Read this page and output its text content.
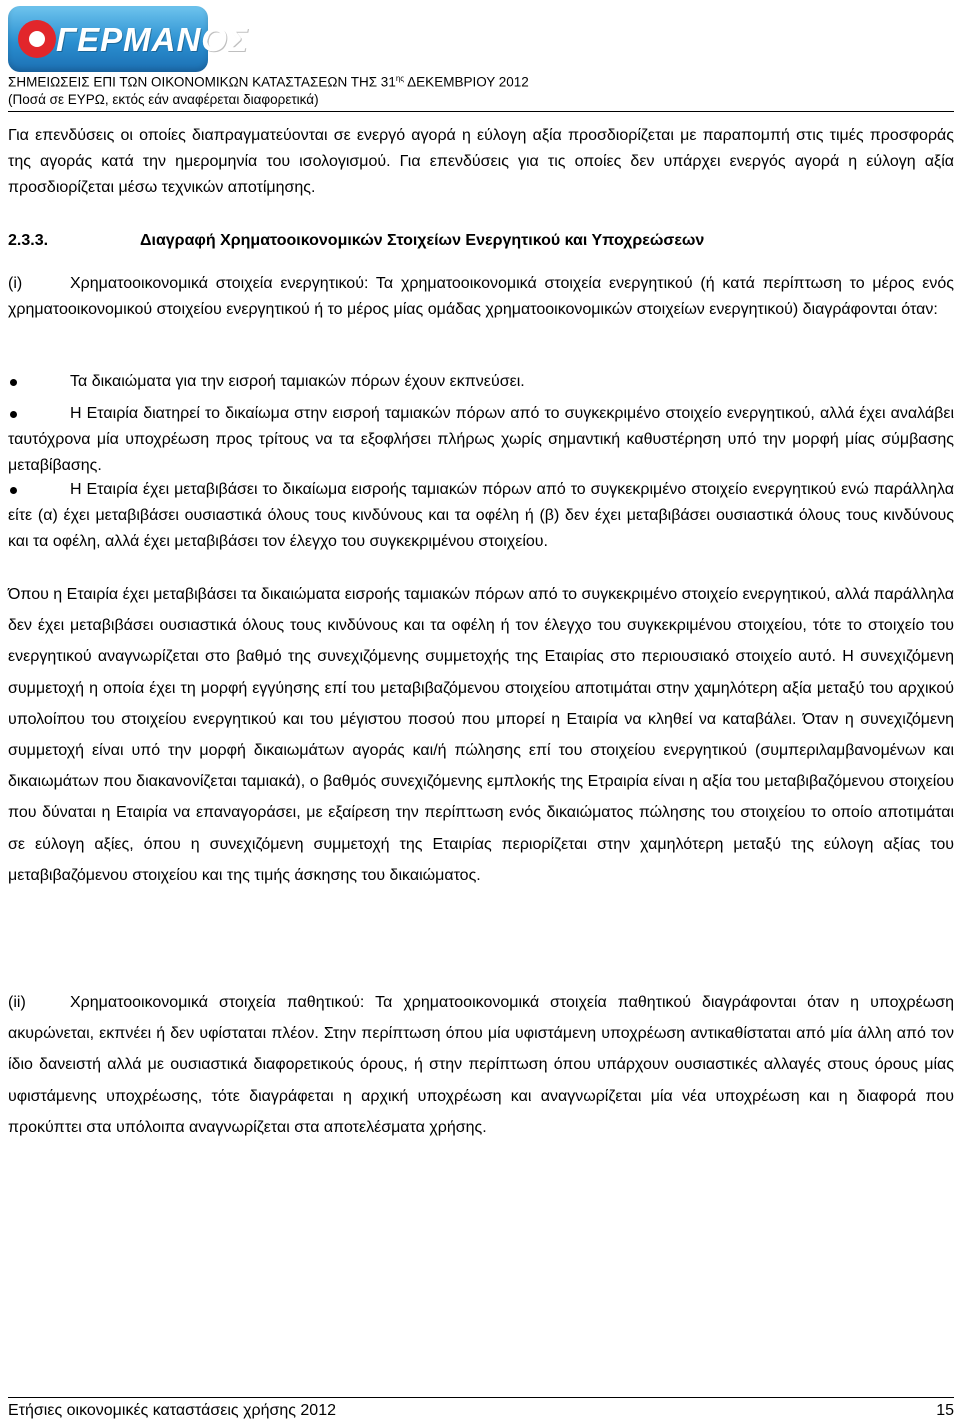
ΓΕΡΜΑΝΟΣ
ΣΗΜΕΙΩΣΕΙΣ ΕΠΙ ΤΩΝ ΟΙΚΟΝΟΜΙΚΩΝ ΚΑΤΑΣΤΑΣΕΩΝ ΤΗΣ $31^{\eta\varsigma}$ ΔΕΚΕΜΒΡΙΟΥ 2012
(Ποσά σε ΕΥΡΩ, εκτός εάν αναφέρεται διαφορετικά)
Για επενδύσεις οι οποίες διαπραγματεύονται σε ενεργό αγορά η εύλογη αξία προσδιορίζεται με παραπομπή στις τιμές προσφοράς της αγοράς κατά την ημερομηνία του ισολογισμού. Για επενδύσεις για τις οποίες δεν υπάρχει ενεργός αγορά η εύλογη αξία προσδιορίζεται μέσω τεχνικών αποτίμησης.
2.3.3.	Διαγραφή Χρηματοοικονομικών Στοιχείων Ενεργητικού και Υποχρεώσεων
(i)	Χρηματοοικονομικά στοιχεία ενεργητικού: Τα χρηματοοικονομικά στοιχεία ενεργητικού (ή κατά περίπτωση το μέρος ενός χρηματοοικονομικού στοιχείου ενεργητικού ή το μέρος μίας ομάδας χρηματοοικονομικών στοιχείων ενεργητικού) διαγράφονται όταν:
Τα δικαιώματα για την εισροή ταμιακών πόρων έχουν εκπνεύσει.
Η Εταιρία διατηρεί το δικαίωμα στην εισροή ταμιακών πόρων από το συγκεκριμένο στοιχείο ενεργητικού, αλλά έχει αναλάβει ταυτόχρονα μία υποχρέωση προς τρίτους να τα εξοφλήσει πλήρως χωρίς σημαντική καθυστέρηση υπό την μορφή μίας σύμβασης μεταβίβασης.
Η Εταιρία έχει μεταβιβάσει το δικαίωμα εισροής ταμιακών πόρων από το συγκεκριμένο στοιχείο ενεργητικού ενώ παράλληλα είτε (α) έχει μεταβιβάσει ουσιαστικά όλους τους κινδύνους και τα οφέλη ή (β) δεν έχει μεταβιβάσει ουσιαστικά όλους τους κινδύνους και τα οφέλη, αλλά έχει μεταβιβάσει τον έλεγχο του συγκεκριμένου στοιχείου.
Όπου η Εταιρία έχει μεταβιβάσει τα δικαιώματα εισροής ταμιακών πόρων από το συγκεκριμένο στοιχείο ενεργητικού, αλλά παράλληλα δεν έχει μεταβιβάσει ουσιαστικά όλους τους κινδύνους και τα οφέλη ή τον έλεγχο του συγκεκριμένου στοιχείου, τότε το στοιχείο του ενεργητικού αναγνωρίζεται στο βαθμό της συνεχιζόμενης συμμετοχής της Εταιρίας στο περιουσιακό στοιχείο αυτό. Η συνεχιζόμενη συμμετοχή η οποία έχει τη μορφή εγγύησης επί του μεταβιβαζόμενου στοιχείου αποτιμάται στην χαμηλότερη αξία μεταξύ του αρχικού υπολοίπου του στοιχείου ενεργητικού και του μέγιστου ποσού που μπορεί η Εταιρία να κληθεί να καταβάλει. Όταν η συνεχιζόμενη συμμετοχή είναι υπό την μορφή δικαιωμάτων αγοράς και/ή πώλησης επί του στοιχείου ενεργητικού (συμπεριλαμβανομένων και δικαιωμάτων που διακανονίζεται ταμιακά), ο βαθμός συνεχιζόμενης εμπλοκής της Ετραιρία είναι η αξία του μεταβιβαζόμενου στοιχείου που δύναται η Εταιρία να επαναγοράσει, με εξαίρεση την περίπτωση ενός δικαιώματος πώλησης του στοιχείου το οποίο αποτιμάται σε εύλογη αξίες, όπου η συνεχιζόμενη συμμετοχή της Εταιρίας περιορίζεται στην χαμηλότερη μεταξύ της εύλογη αξίας του μεταβιβαζόμενου στοιχείου και της τιμής άσκησης του δικαιώματος.
(ii)	Χρηματοοικονομικά στοιχεία παθητικού: Τα χρηματοοικονομικά στοιχεία παθητικού διαγράφονται όταν η υποχρέωση ακυρώνεται, εκπνέει ή δεν υφίσταται πλέον. Στην περίπτωση όπου μία υφιστάμενη υποχρέωση αντικαθίσταται από μία άλλη από τον ίδιο δανειστή αλλά με ουσιαστικά διαφορετικούς όρους, ή στην περίπτωση όπου υπάρχουν ουσιαστικές αλλαγές στους όρους μίας υφιστάμενης υποχρέωσης, τότε διαγράφεται η αρχική υποχρέωση και αναγνωρίζεται μία νέα υποχρέωση και η διαφορά που προκύπτει στα υπόλοιπα αναγνωρίζεται στα αποτελέσματα χρήσης.
Ετήσιες οικονομικές καταστάσεις χρήσης 2012	15
